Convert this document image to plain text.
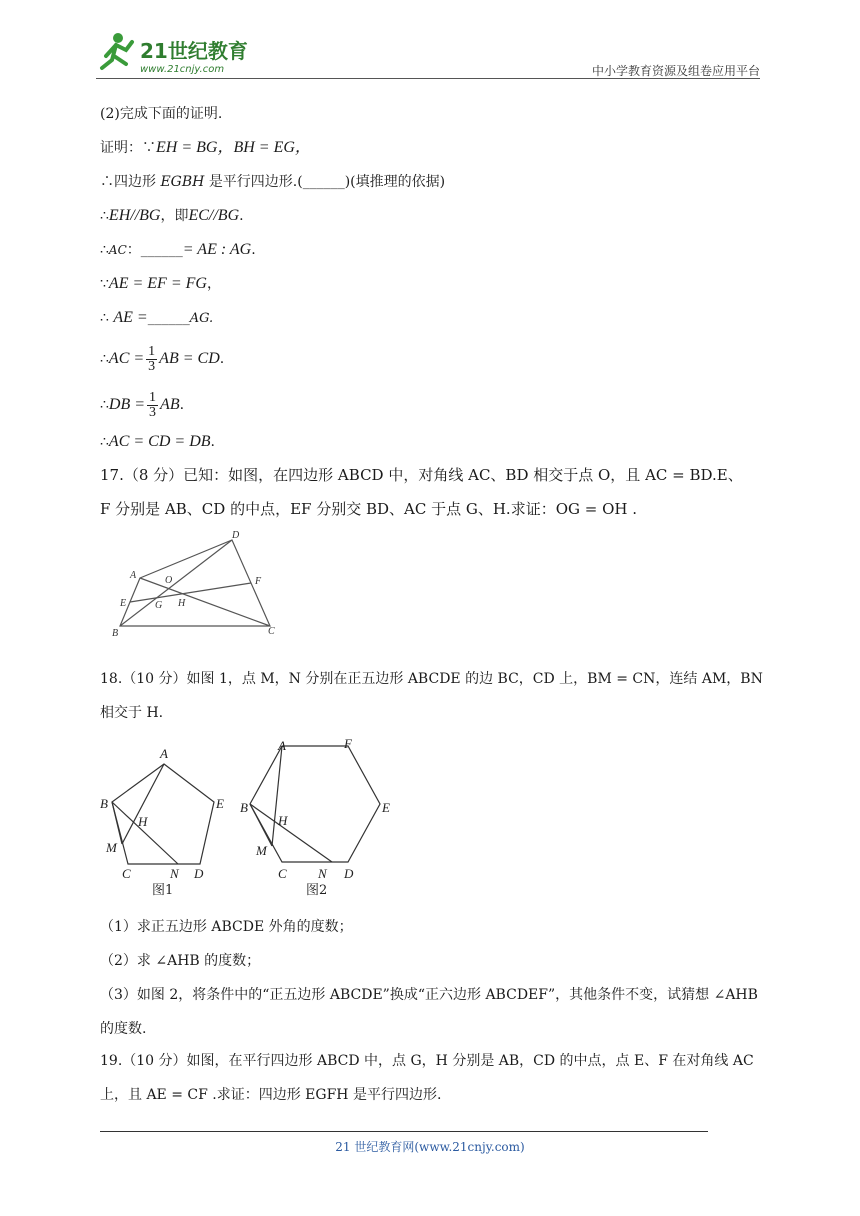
21世纪教育
www.21cnjy.com	中小学教育资源及组卷应用平台
(2)完成下面的证明.
证明：∵EH = BG，BH = EG，
∴四边形 EGBH 是平行四边形.(______)(填推理的依据)
∴EH//BG，即EC//BG.
∴AC：______= AE : AG.
∵AE = EF = FG，
∴ AE =______AG.
∴AC = $\frac{1}{3}$ AB = CD.
∴DB = $\frac{1}{3}$ AB.
∴AC = CD = DB.
17.（8 分）已知：如图，在四边形 ABCD 中，对角线 AC、BD 相交于点 O，且 AC = BD.E、
F 分别是 AB、CD 的中点，EF 分别交 BD、AC 于点 G、H.求证：OG = OH .
A
B	C
D
E
F
G H
O
18.（10 分）如图 1，点 M，N 分别在正五边形 ABCDE 的边 BC，CD 上，BM = CN，连结 AM，BN
相交于 H.
A
B
C	D
E
H
M
N
图1
A
B
C	D
E
F
H
M
N
图2
（1）求正五边形 ABCDE 外角的度数；
（2）求 ∠AHB 的度数；
（3）如图 2，将条件中的“正五边形 ABCDE”换成“正六边形 ABCDEF”，其他条件不变，试猜想 ∠AHB
的度数.
19.（10 分）如图，在平行四边形 ABCD 中，点 G，H 分别是 AB，CD 的中点，点 E、F 在对角线 AC
上，且 AE = CF .求证：四边形 EGFH 是平行四边形.
21 世纪教育网(www.21cnjy.com)
